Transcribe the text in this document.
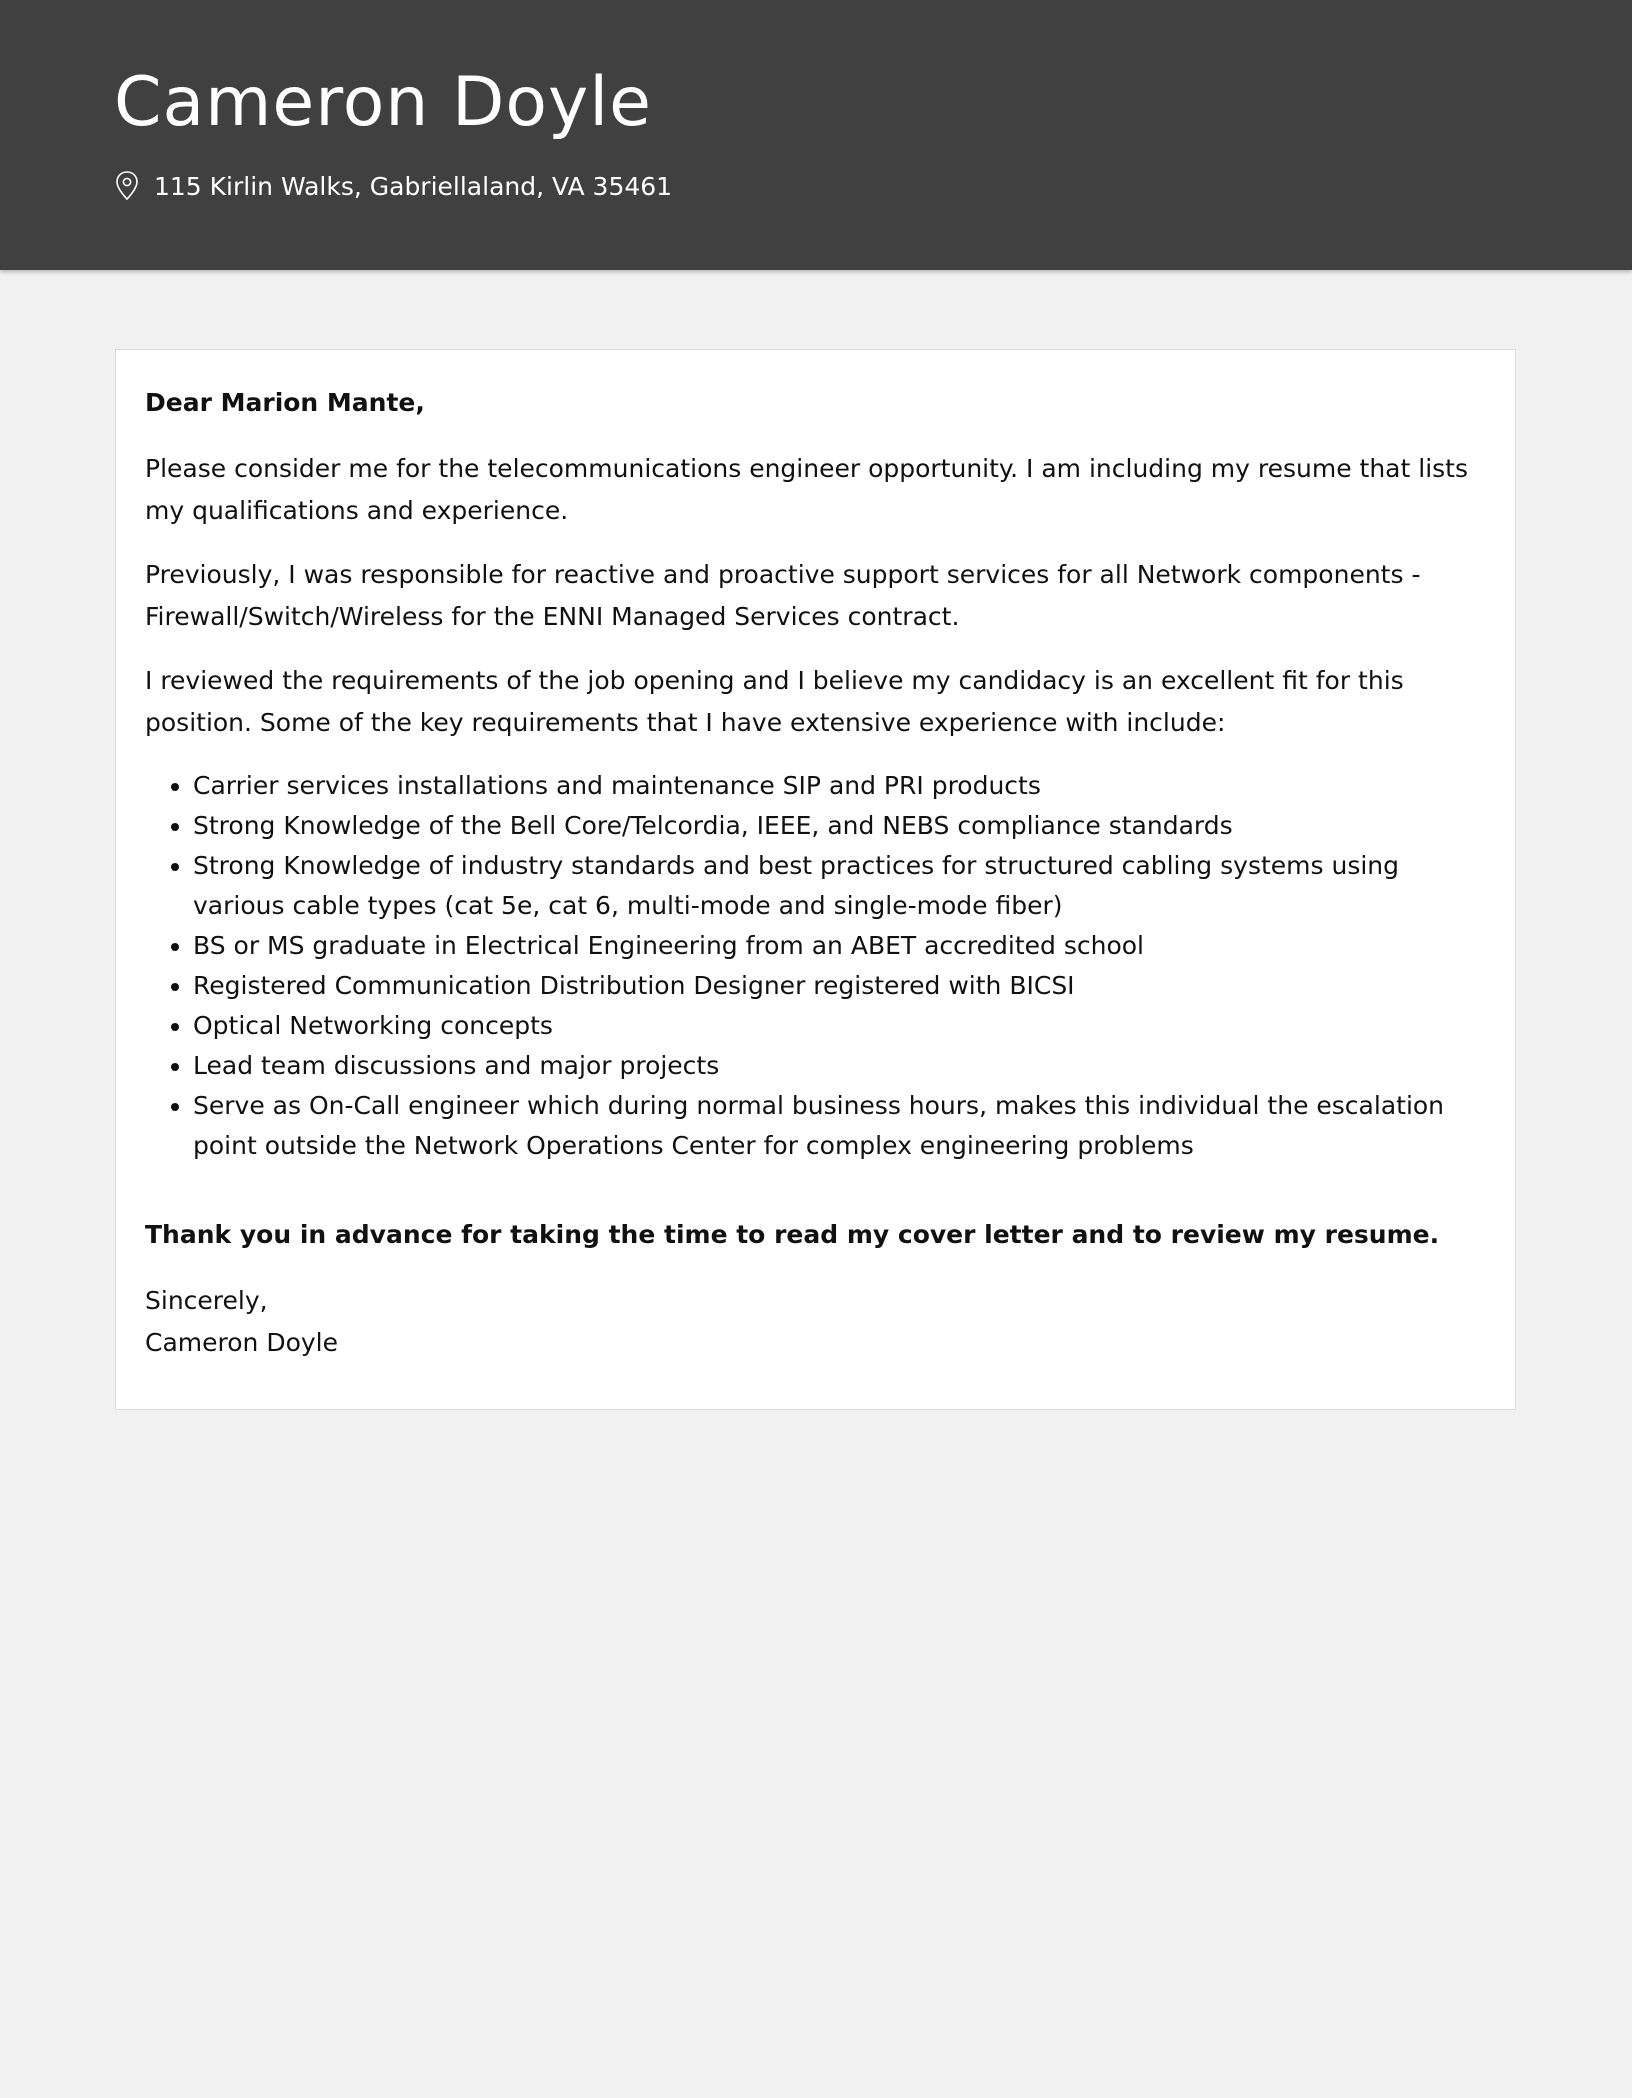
Cameron Doyle
115 Kirlin Walks, Gabriellaland, VA 35461

Dear Marion Mante,

Please consider me for the telecommunications engineer opportunity. I am including my resume that lists my qualifications and experience.

Previously, I was responsible for reactive and proactive support services for all Network components - Firewall/Switch/Wireless for the ENNI Managed Services contract.

I reviewed the requirements of the job opening and I believe my candidacy is an excellent fit for this position. Some of the key requirements that I have extensive experience with include:

• Carrier services installations and maintenance SIP and PRI products
• Strong Knowledge of the Bell Core/Telcordia, IEEE, and NEBS compliance standards
• Strong Knowledge of industry standards and best practices for structured cabling systems using various cable types (cat 5e, cat 6, multi-mode and single-mode fiber)
• BS or MS graduate in Electrical Engineering from an ABET accredited school
• Registered Communication Distribution Designer registered with BICSI
• Optical Networking concepts
• Lead team discussions and major projects
• Serve as On-Call engineer which during normal business hours, makes this individual the escalation point outside the Network Operations Center for complex engineering problems

Thank you in advance for taking the time to read my cover letter and to review my resume.

Sincerely,
Cameron Doyle
